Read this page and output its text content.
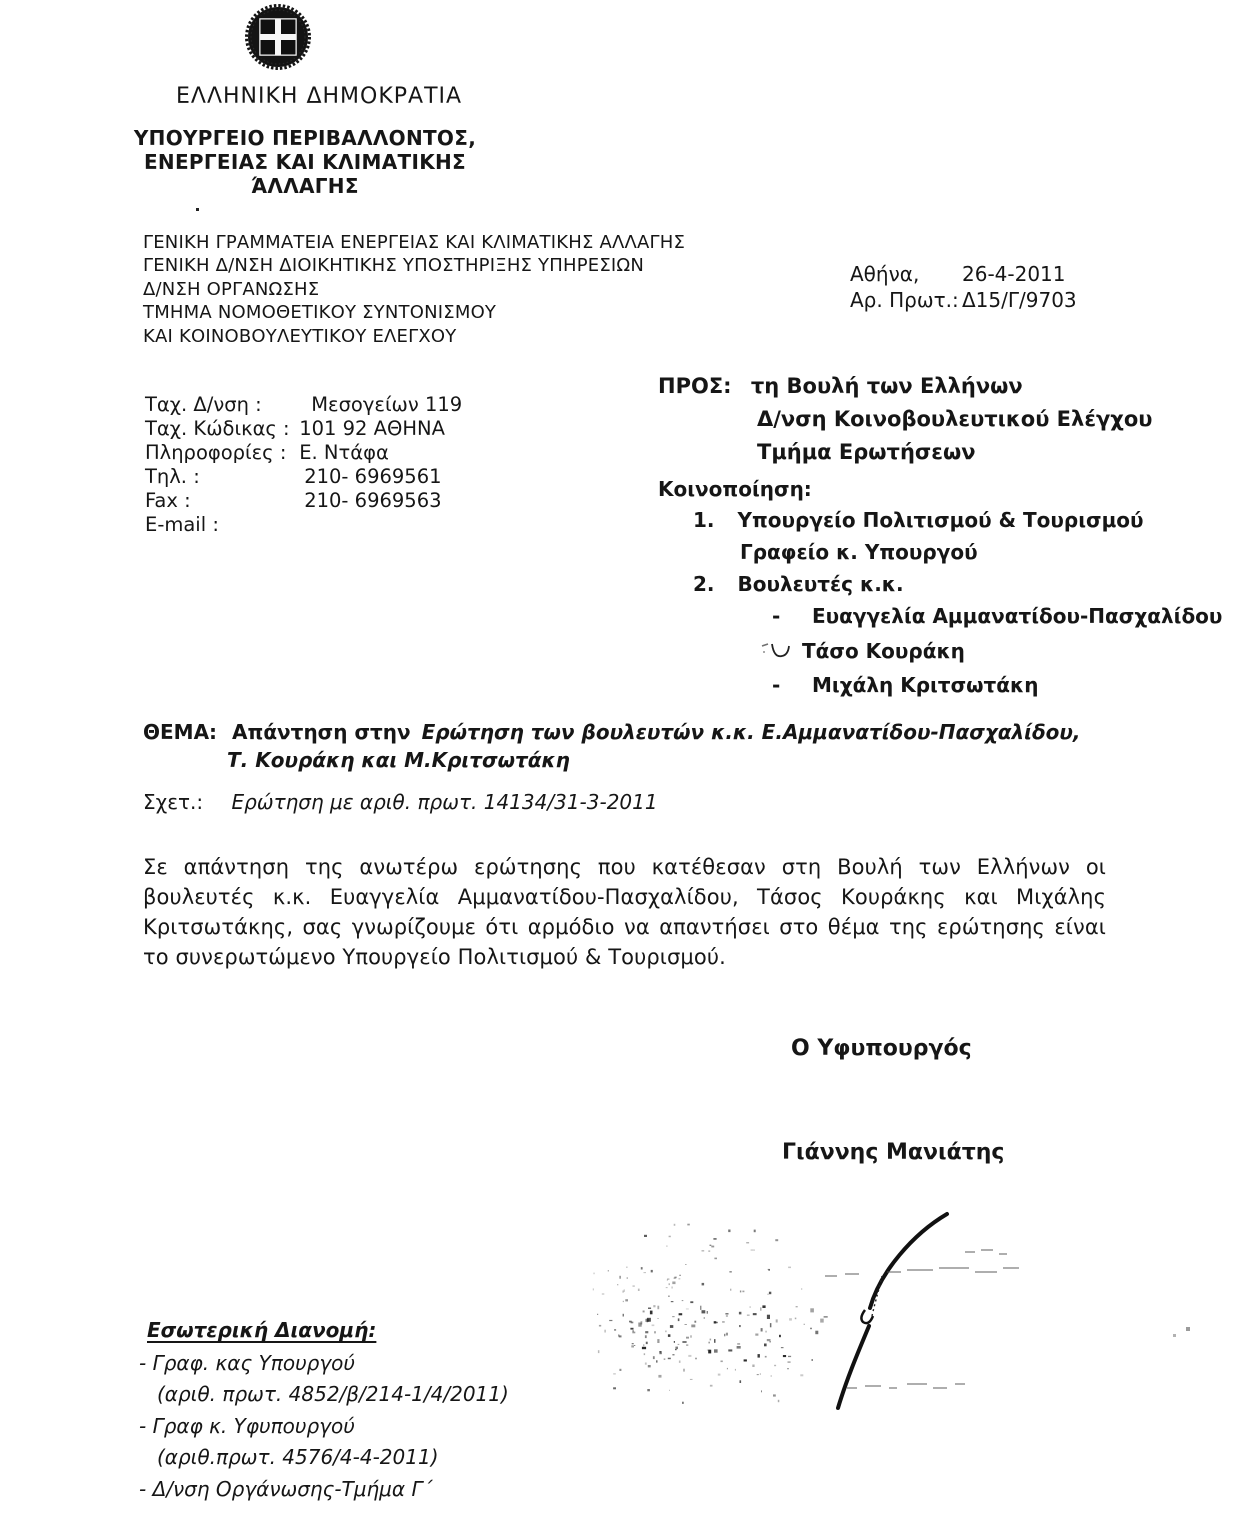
ΕΛΛΗΝΙΚΗ ΔΗΜΟΚΡΑΤΙΑ
ΥΠΟΥΡΓΕΙΟ ΠΕΡΙΒΑΛΛΟΝΤΟΣ,
ΕΝΕΡΓΕΙΑΣ ΚΑΙ ΚΛΙΜΑΤΙΚΗΣ
ΆΛΛΑΓΗΣ
ΓΕΝΙΚΗ ΓΡΑΜΜΑΤΕΙΑ ΕΝΕΡΓΕΙΑΣ ΚΑΙ ΚΛΙΜΑΤΙΚΗΣ ΑΛΛΑΓΗΣ
ΓΕΝΙΚΗ Δ/ΝΣΗ ΔΙΟΙΚΗΤΙΚΗΣ ΥΠΟΣΤΗΡΙΞΗΣ ΥΠΗΡΕΣΙΩΝ
Δ/ΝΣΗ ΟΡΓΑΝΩΣΗΣ
ΤΜΗΜΑ ΝΟΜΟΘΕΤΙΚΟΥ ΣΥΝΤΟΝΙΣΜΟΥ
ΚΑΙ ΚΟΙΝΟΒΟΥΛΕΥΤΙΚΟΥ ΕΛΕΓΧΟΥ
Αθήνα, 26-4-2011
Αρ. Πρωτ.: Δ15/Γ/9703
Ταχ. Δ/νση :	Μεσογείων 119
Ταχ. Κώδικας : 101 92 ΑΘΗΝΑ
Πληροφορίες : Ε. Ντάφα
Τηλ. :	210- 6969561
Fax :	210- 6969563
E-mail :
ΠΡΟΣ: τη Βουλή των Ελλήνων
Δ/νση Κοινοβουλευτικού Ελέγχου
Τμήμα Ερωτήσεων
Κοινοποίηση:
1. Υπουργείο Πολιτισμού & Τουρισμού
Γραφείο κ. Υπουργού
2. Βουλευτές κ.κ.
- Ευαγγελία Αμμανατίδου-Πασχαλίδου
Τάσο Κουράκη
- Μιχάλη Κριτσωτάκη
ΘΕΜΑ: Απάντηση στην Ερώτηση των βουλευτών κ.κ. Ε.Αμμανατίδου-Πασχαλίδου,
Τ. Κουράκη και Μ.Κριτσωτάκη
Σχετ.: Ερώτηση με αριθ. πρωτ. 14134/31-3-2011
Σε απάντηση της ανωτέρω ερώτησης που κατέθεσαν στη Βουλή των Ελλήνων οι βουλευτές κ.κ. Ευαγγελία Αμμανατίδου-Πασχαλίδου, Τάσος Κουράκης και Μιχάλης Κριτσωτάκης, σας γνωρίζουμε ότι αρμόδιο να απαντήσει στο θέμα της ερώτησης είναι το συνερωτώμενο Υπουργείο Πολιτισμού & Τουρισμού.
Ο Υφυπουργός
Γιάννης Μανιάτης
Εσωτερική Διανομή:
- Γραφ. κας Υπουργού
(αριθ. πρωτ. 4852/β/214-1/4/2011)
- Γραφ κ. Υφυπουργού
(αριθ.πρωτ. 4576/4-4-2011)
- Δ/νση Οργάνωσης-Τμήμα Γ΄
